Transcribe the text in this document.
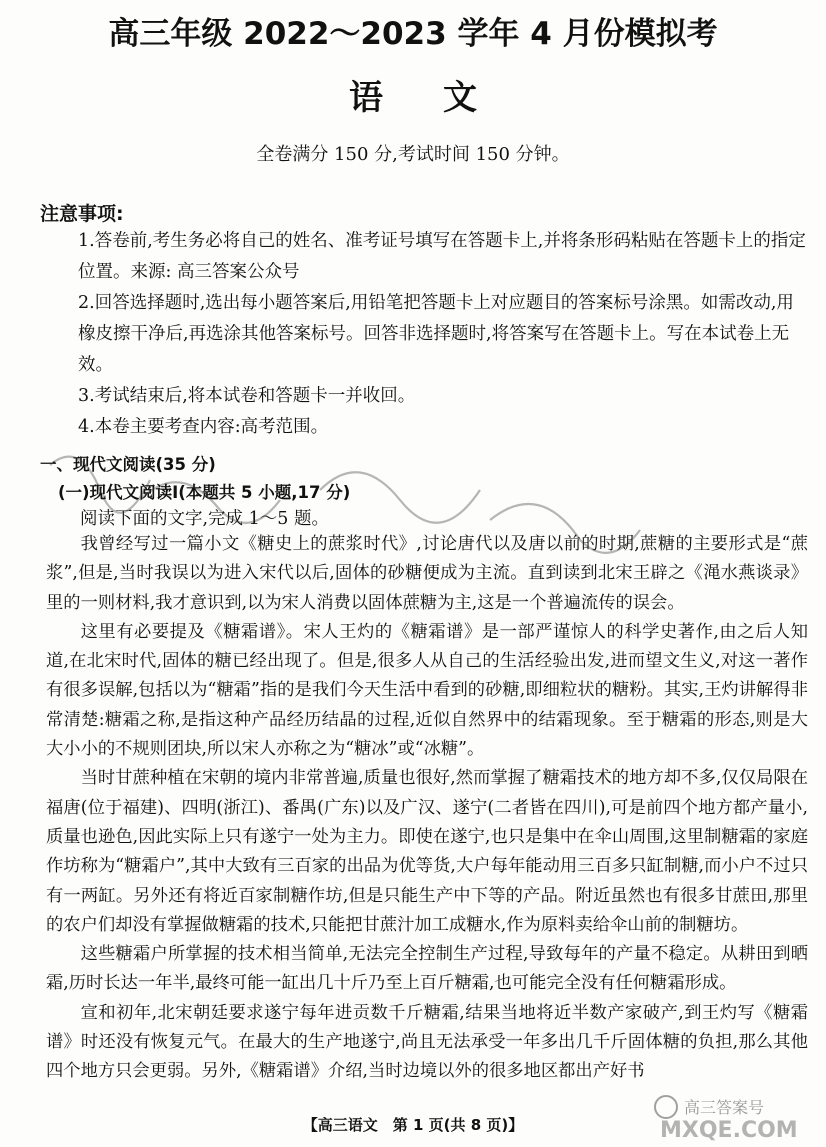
高三年级 2022～2023 学年 4 月份模拟考
语文
全卷满分 150 分,考试时间 150 分钟。
注意事项:

1.答卷前,考生务必将自己的姓名、准考证号填写在答题卡上,并将条形码粘贴在答题卡上的指定位置。来源: 高三答案公众号

2.回答选择题时,选出每小题答案后,用铅笔把答题卡上对应题目的答案标号涂黑。如需改动,用橡皮擦干净后,再选涂其他答案标号。回答非选择题时,将答案写在答题卡上。写在本试卷上无效。

3.考试结束后,将本试卷和答题卡一并收回。

4.本卷主要考查内容:高考范围。

一、现代文阅读(35 分)
(一)现代文阅读Ⅰ(本题共 5 小题,17 分)
阅读下面的文字,完成 1～5 题。

我曾经写过一篇小文《糖史上的蔗浆时代》,讨论唐代以及唐以前的时期,蔗糖的主要形式是“蔗浆”,但是,当时我误以为进入宋代以后,固体的砂糖便成为主流。直到读到北宋王辟之《渑水燕谈录》里的一则材料,我才意识到,以为宋人消费以固体蔗糖为主,这是一个普遍流传的误会。

这里有必要提及《糖霜谱》。宋人王灼的《糖霜谱》是一部严谨惊人的科学史著作,由之后人知道,在北宋时代,固体的糖已经出现了。但是,很多人从自己的生活经验出发,进而望文生义,对这一著作有很多误解,包括以为“糖霜”指的是我们今天生活中看到的砂糖,即细粒状的糖粉。其实,王灼讲解得非常清楚:糖霜之称,是指这种产品经历结晶的过程,近似自然界中的结霜现象。至于糖霜的形态,则是大大小小的不规则团块,所以宋人亦称之为“糖冰”或“冰糖”。

当时甘蔗种植在宋朝的境内非常普遍,质量也很好,然而掌握了糖霜技术的地方却不多,仅仅局限在福唐(位于福建)、四明(浙江)、番禺(广东)以及广汉、遂宁(二者皆在四川),可是前四个地方都产量小,质量也逊色,因此实际上只有遂宁一处为主力。即使在遂宁,也只是集中在伞山周围,这里制糖霜的家庭作坊称为“糖霜户”,其中大致有三百家的出品为优等货,大户每年能动用三百多只缸制糖,而小户不过只有一两缸。另外还有将近百家制糖作坊,但是只能生产中下等的产品。附近虽然也有很多甘蔗田,那里的农户们却没有掌握做糖霜的技术,只能把甘蔗汁加工成糖水,作为原料卖给伞山前的制糖坊。

这些糖霜户所掌握的技术相当简单,无法完全控制生产过程,导致每年的产量不稳定。从耕田到晒霜,历时长达一年半,最终可能一缸出几十斤乃至上百斤糖霜,也可能完全没有任何糖霜形成。

宣和初年,北宋朝廷要求遂宁每年进贡数千斤糖霜,结果当地将近半数产家破产,到王灼写《糖霜谱》时还没有恢复元气。在最大的生产地遂宁,尚且无法承受一年多出几千斤固体糖的负担,那么其他四个地方只会更弱。另外,《糖霜谱》介绍,当时边境以外的很多地区都出产好书

【高三语文　第 1 页(共 8 页)】
高三答案号
MXQE.COM
